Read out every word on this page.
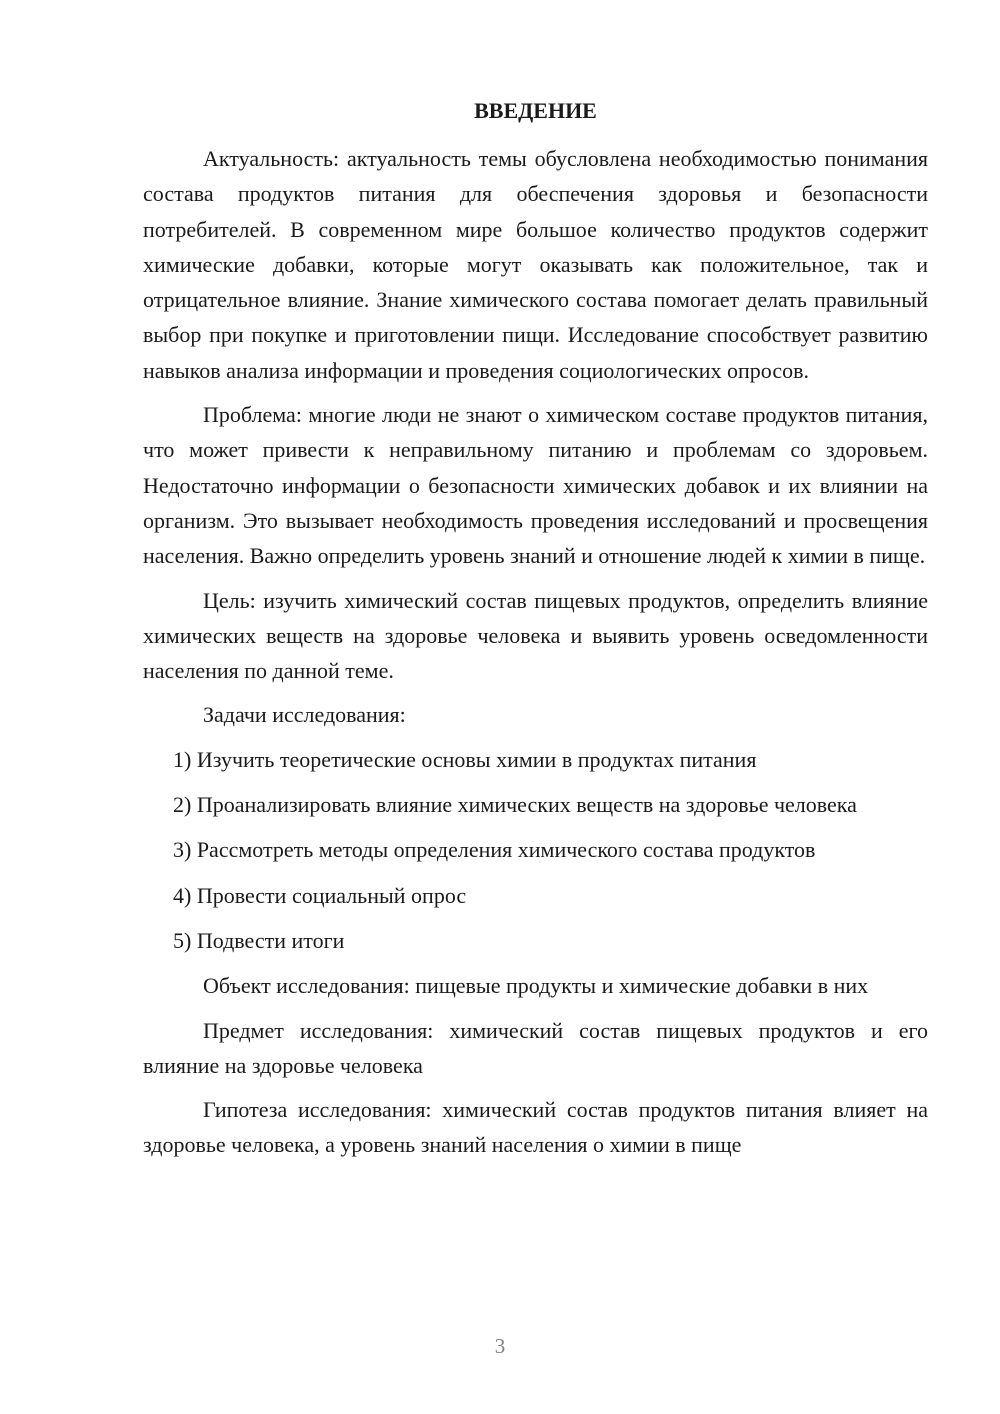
ВВЕДЕНИЕ

Актуальность: актуальность темы обусловлена необходимостью понимания состава продуктов питания для обеспечения здоровья и безопасности потребителей. В современном мире большое количество продуктов содержит химические добавки, которые могут оказывать как положительное, так и отрицательное влияние. Знание химического состава помогает делать правильный выбор при покупке и приготовлении пищи. Исследование способствует развитию навыков анализа информации и проведения социологических опросов.

Проблема: многие люди не знают о химическом составе продуктов питания, что может привести к неправильному питанию и проблемам со здоровьем. Недостаточно информации о безопасности химических добавок и их влиянии на организм. Это вызывает необходимость проведения исследований и просвещения населения. Важно определить уровень знаний и отношение людей к химии в пище.

Цель: изучить химический состав пищевых продуктов, определить влияние химических веществ на здоровье человека и выявить уровень осведомленности населения по данной теме.

Задачи исследования:

1) Изучить теоретические основы химии в продуктах питания

2) Проанализировать влияние химических веществ на здоровье человека

3) Рассмотреть методы определения химического состава продуктов

4) Провести социальный опрос

5) Подвести итоги

Объект исследования: пищевые продукты и химические добавки в них

Предмет исследования: химический состав пищевых продуктов и его влияние на здоровье человека

Гипотеза исследования: химический состав продуктов питания влияет на здоровье человека, а уровень знаний населения о химии в пище

3
